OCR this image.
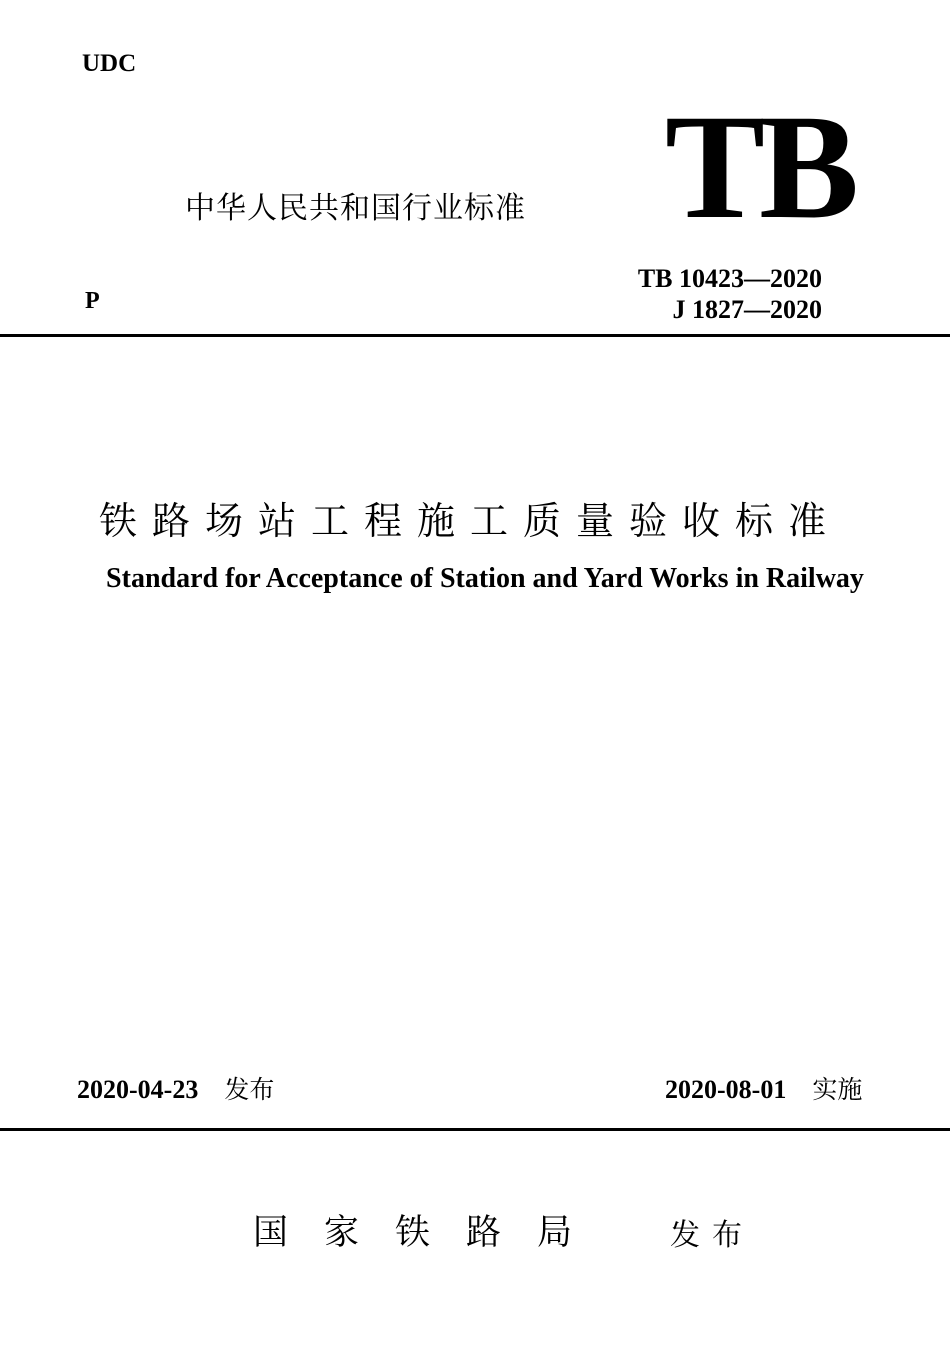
UDC
中华人民共和国行业标准 TB
P
TB 10423—2020
J 1827—2020
铁路场站工程施工质量验收标准
Standard for Acceptance of Station and Yard Works in Railway
2020-04-23 发布	2020-08-01 实施
国家铁路局 发布
